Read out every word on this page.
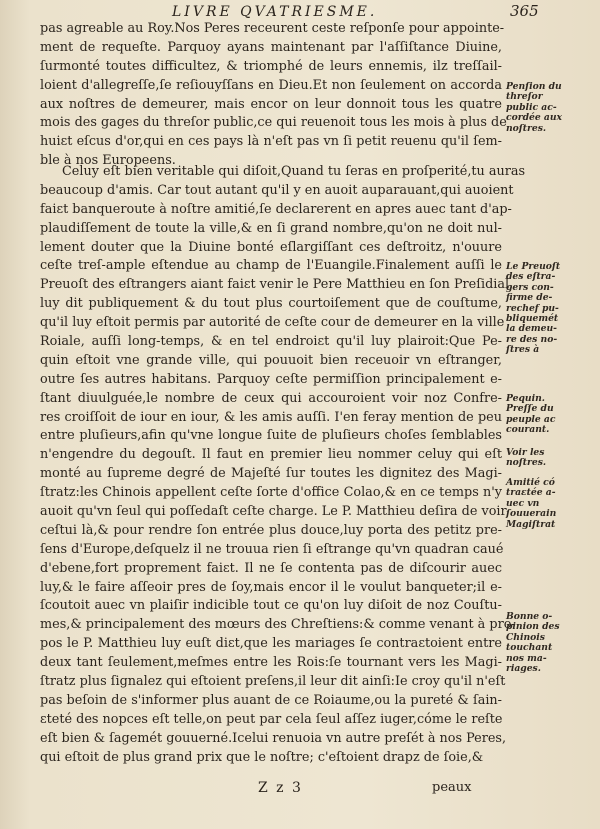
LIVRE QVATRIESME.	365
pas agreable au Roy.Nos Peres receurent ceste reſponſe pour appointe-
ment de requeſte. Parquoy ayans maintenant par l'aſſiſtance Diuine,
ſurmonté toutes difficultez, & triomphé de leurs ennemis, ilz treſſail-
loient d'allegreſſe,ſe reſiouyſſans en Dieu.Et non ſeulement on accorda
aux noſtres de demeurer, mais encor on leur donnoit tous les quatre
mois des gages du threſor public,ce qui reuenoit tous les mois à plus de
huiɛt eſcus d'or,qui en ces pays là n'eſt pas vn ſi petit reuenu qu'il ſem-
ble à nos Europeens.
Celuy eſt bien veritable qui diſoit,Quand tu ſeras en proſperité,tu auras
beaucoup d'amis. Car tout autant qu'il y en auoit auparauant,qui auoient
faiɛt banqueroute à noſtre amitié,ſe declarerent en apres auec tant d'ap-
plaudiſſement de toute la ville,& en ſi grand nombre,qu'on ne doit nul-
lement douter que la Diuine bonté eſlargiſſant ces deſtroitz, n'ouure
ceſte treſ-ample eſtendue au champ de l'Euangile.Finalement auſſi le
Preuoſt des eſtrangers aiant faiɛt venir le Pere Matthieu en ſon Preſidial,
luy dit publiquement & du tout plus courtoiſement que de couſtume,
qu'il luy eſtoit permis par autorité de ceſte cour de demeurer en la ville
Roiale, auſſi long-temps, & en tel endroiɛt qu'il luy plairoit:Que Pe-
quin eſtoit vne grande ville, qui pouuoit bien receuoir vn eſtranger,
outre ſes autres habitans. Parquoy ceſte permiſſion principalement e-
ſtant diuulguée,le nombre de ceux qui accouroient voir noz Confre-
res croiſſoit de iour en iour, & les amis auſſi. I'en feray mention de peu
entre pluſieurs,afin qu'vne longue ſuite de pluſieurs choſes ſemblables
n'engendre du degouſt. Il faut en premier lieu nommer celuy qui eſt
monté au ſupreme degré de Majeſté ſur toutes les dignitez des Magi-
ſtratz:les Chinois appellent ceſte ſorte d'office Colao,& en ce temps n'y
auoit qu'vn ſeul qui poſſedaſt ceſte charge. Le P. Matthieu deſira de voir
ceſtui là,& pour rendre ſon entrée plus douce,luy porta des petitz pre-
ſens d'Europe,deſquelz il ne trouua rien ſi eſtrange qu'vn quadran caué
d'ebene,fort proprement faiɛt. Il ne ſe contenta pas de diſcourir auec
luy,& le faire aſſeoir pres de ſoy,mais encor il le voulut banqueter;il e-
ſcoutoit auec vn plaiſir indicible tout ce qu'on luy diſoit de noz Couſtu-
mes,& principalement des mœurs des Chreſtiens:& comme venant à pro-
pos le P. Matthieu luy euſt diɛt,que les mariages ſe contraɛtoient entre
deux tant ſeulement,meſmes entre les Rois:ſe tournant vers les Magi-
ſtratz plus ſignalez qui eſtoient preſens,il leur dit ainſi:Ie croy qu'il n'eſt
pas beſoin de s'informer plus auant de ce Roiaume,ou la pureté & ſain-
ɛteté des nopces eſt telle,on peut par cela ſeul aſſez iuger,cóme le reſte
eſt bien & ſagemét gouuerné.Icelui renuoia vn autre preſét à nos Peres,
qui eſtoit de plus grand prix que le noſtre; c'eſtoient drapz de ſoie,&
Penſion du
threſor
public ac-
cordée aux
noſtres.
Le Preuoſt
des eſtra-
gers con-
firme de-
rechef pu-
bliquemét
la demeu-
re des no-
ſtres à
Pequin.
Preſſe du
peuple ac
courant.
Voir les
noſtres.
Amitié có
traɛtée a-
uec vn
ſouuerain
Magiſtrat
Bonne o-
pinion des
Chinois
touchant
nos ma-
riages.
Z z 3	peaux
